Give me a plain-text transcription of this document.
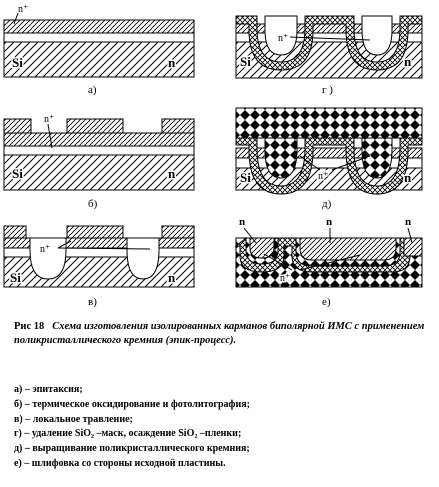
n⁺
Si	n
а)
n⁺
Si	n
б)
n⁺
Si	n
в)
n⁺
Si	n
г )
n⁺
Si	n
д)
n	n	n
n⁺
е)
Рис 18 Схема изготовления изолированных карманов биполярной ИМС с применением поликристаллического кремния (эпик-процесс).
а) – эпитаксия;
б) – термическое оксидирование и фотолитография;
в) – локальное травление;
г) – удаление SiO₂ –маск, осаждение SiO₂ –пленки;
д) – выращивание поликристаллического кремния;
е) – шлифовка со стороны исходной пластины.
